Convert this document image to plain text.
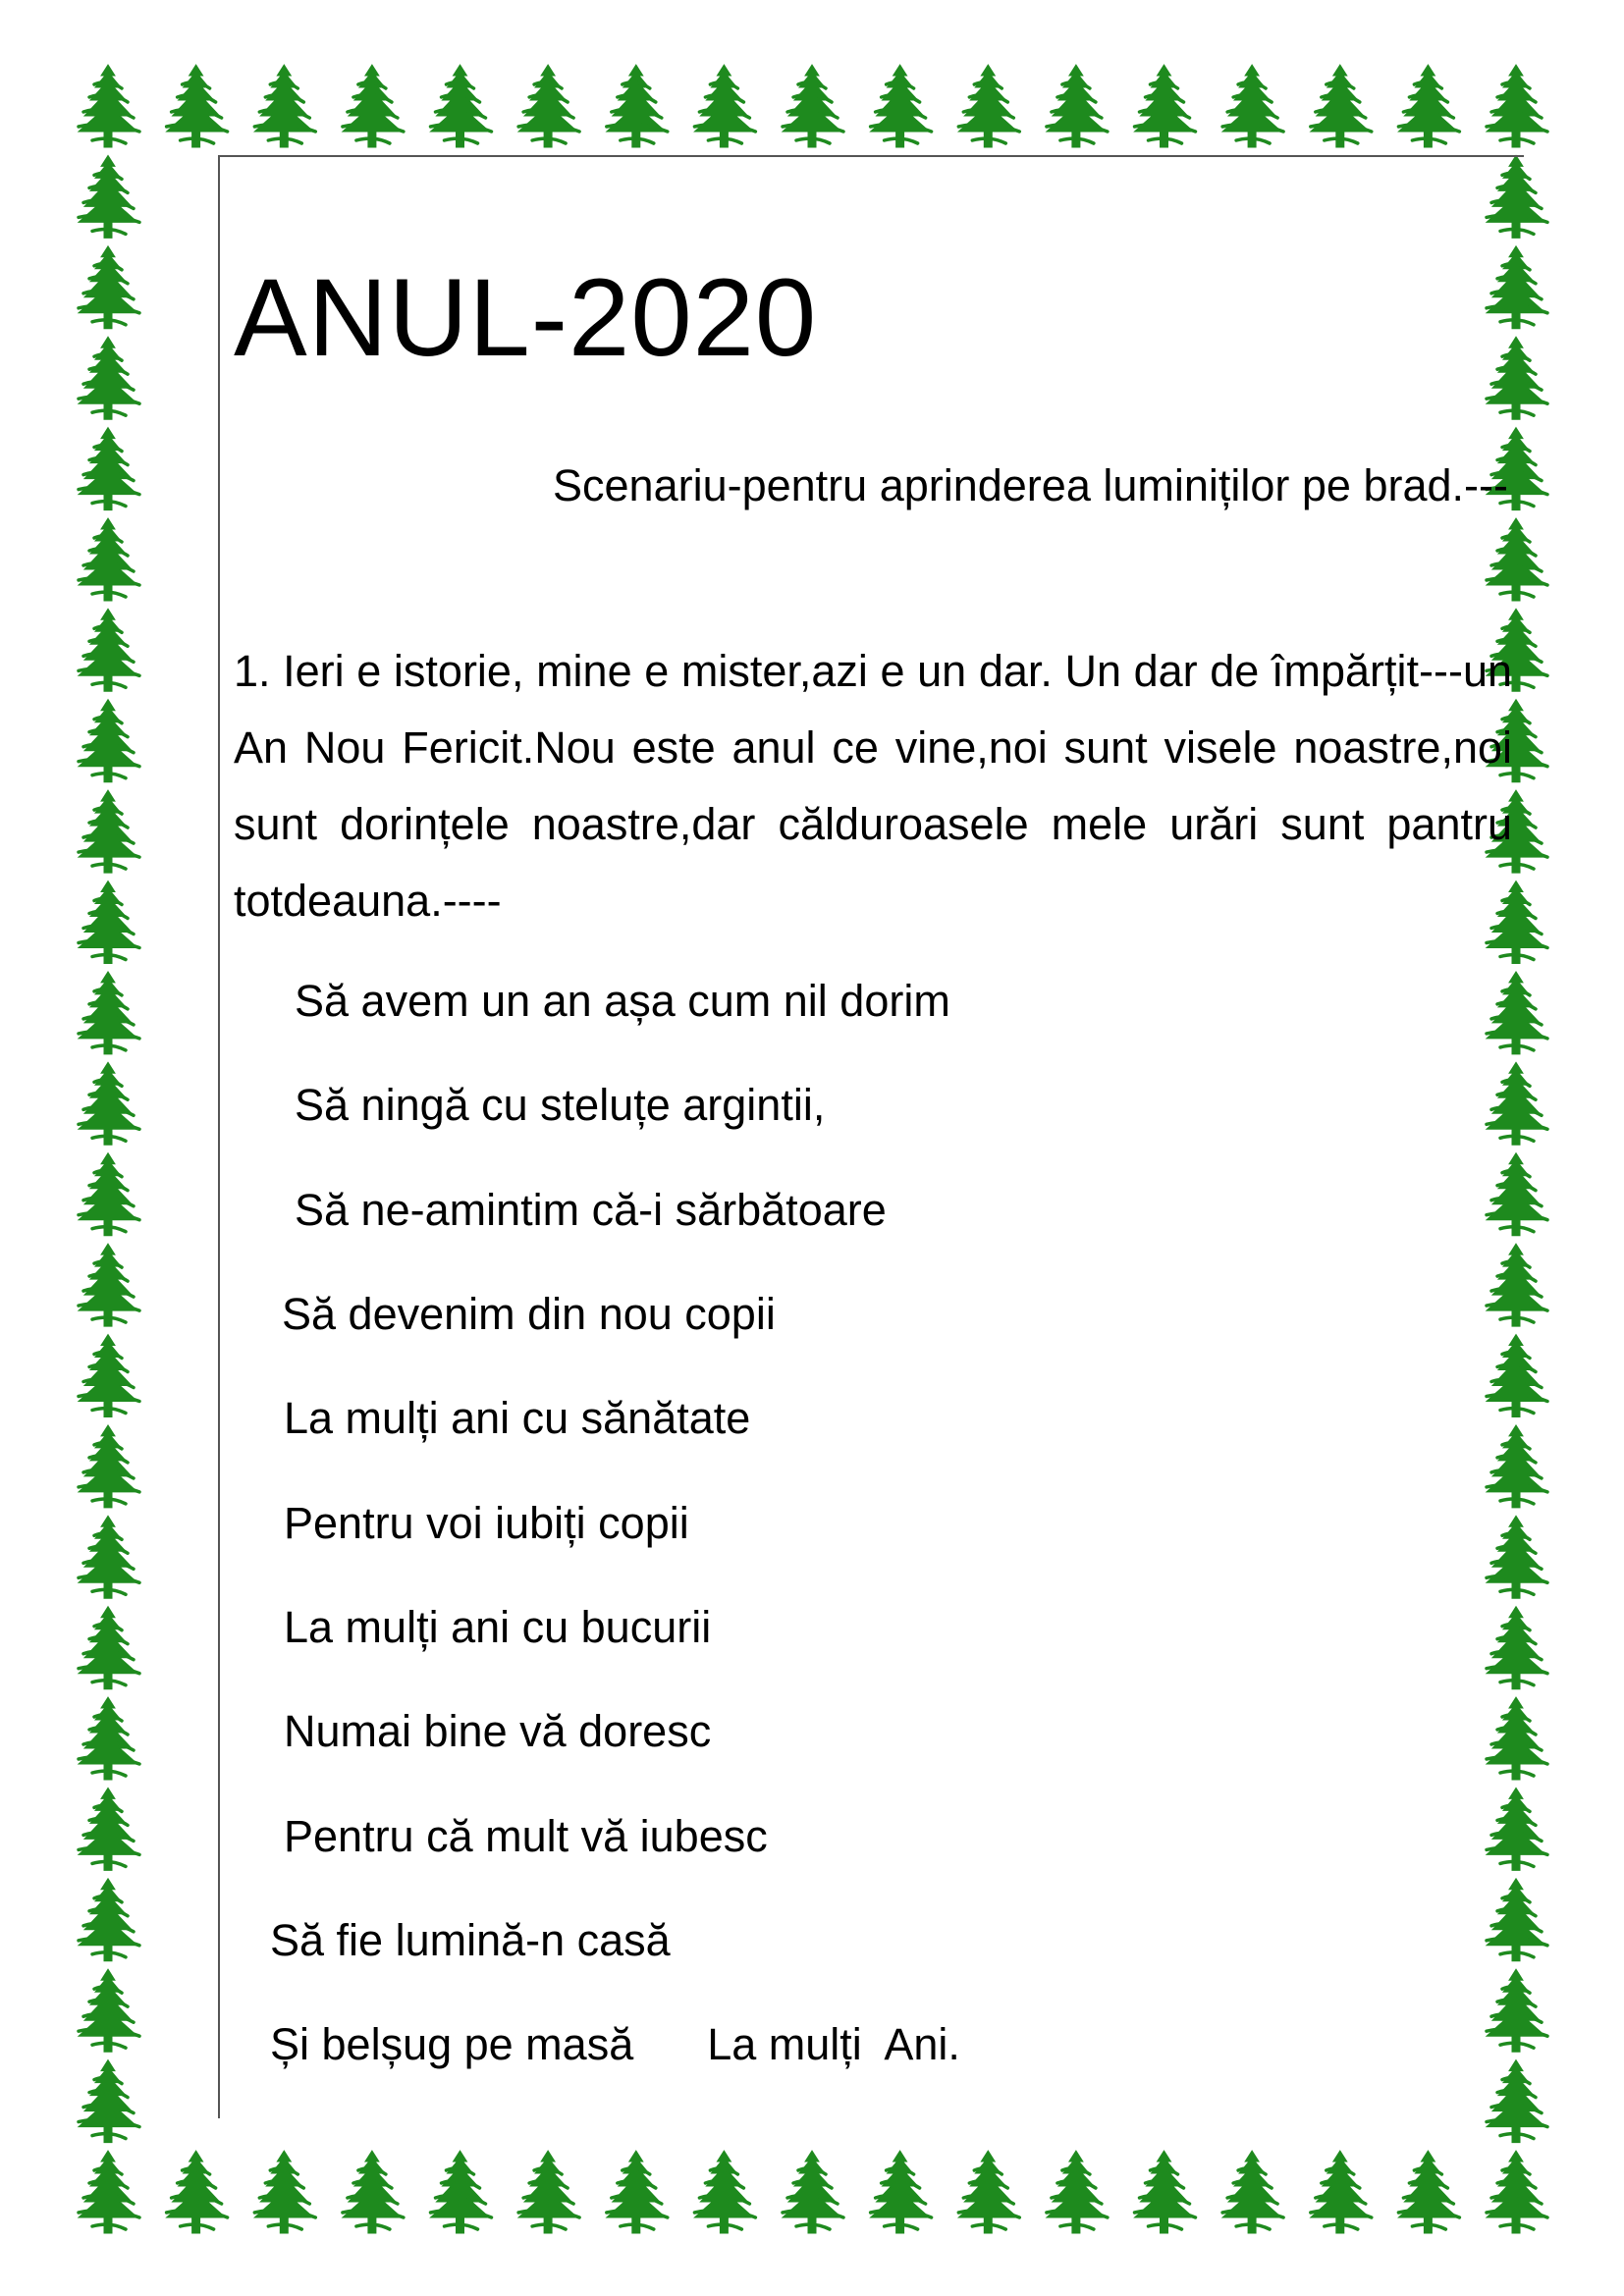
ANUL-2020

Scenariu-pentru aprinderea luminiților pe brad.---

1. Ieri e istorie, mine e mister,azi e un dar. Un dar de împărțit---un An Nou Fericit.Nou este anul ce vine,noi sunt visele noastre,noi sunt dorințele noastre,dar călduroasele mele urări sunt pantru totdeauna.----

Să avem un an așa cum nil dorim
Să ningă cu steluțe argintii,
Să ne-amintim că-i sărbătoare
Să devenim din nou copii
La mulți ani cu sănătate
Pentru voi iubiți copii
La mulți ani cu bucurii
Numai bine vă doresc
Pentru că mult vă iubesc
Să fie lumină-n casă
Și belșug pe masă      La mulți  Ani.
